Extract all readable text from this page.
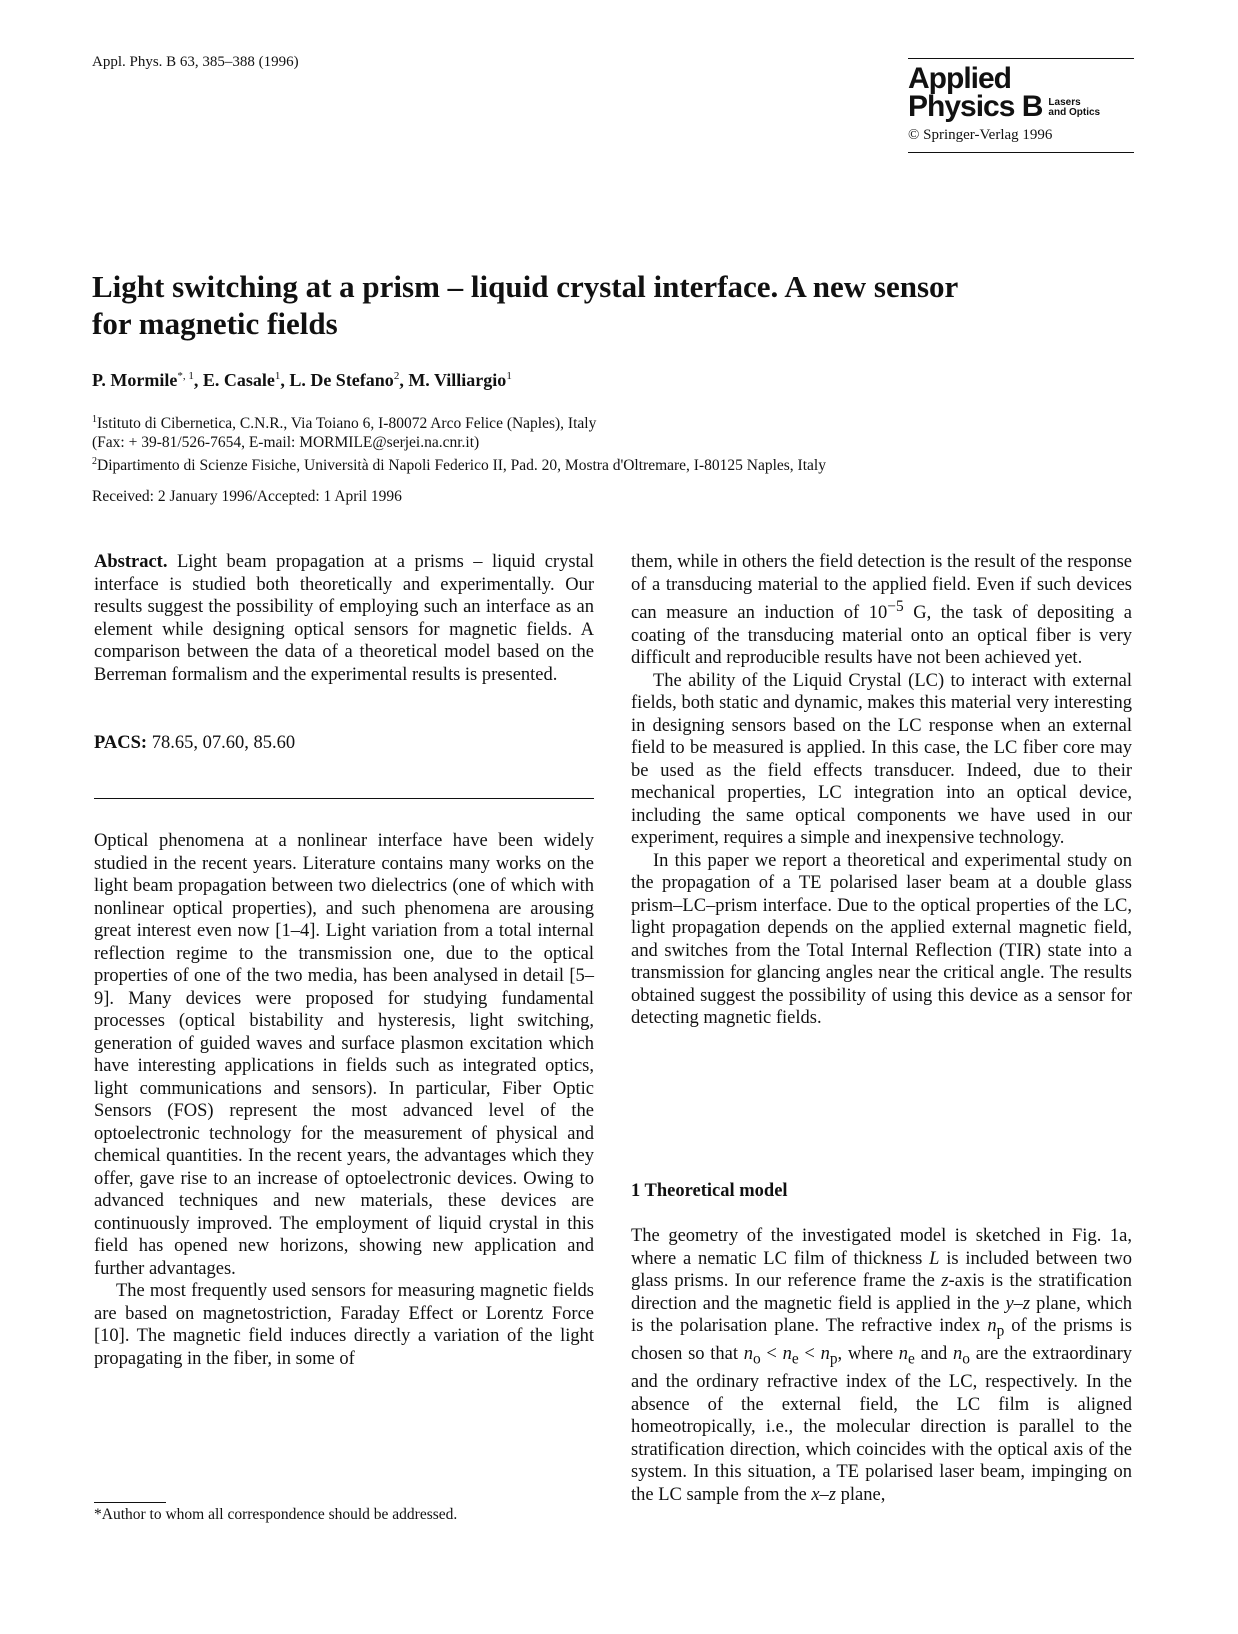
Appl. Phys. B 63, 385–388 (1996)	Applied
Physics B Lasers
and Optics
© Springer-Verlag 1996
Light switching at a prism – liquid crystal interface. A new sensor
for magnetic fields
P. Mormile$^{*, 1}$, E. Casale$^1$, L. De Stefano$^2$, M. Villiargio$^1$
$^1$Istituto di Cibernetica, C.N.R., Via Toiano 6, I-80072 Arco Felice (Naples), Italy
(Fax: + 39-81/526-7654, E-mail: MORMILE@serjei.na.cnr.it)
$^2$Dipartimento di Scienze Fisiche, Università di Napoli Federico II, Pad. 20, Mostra d'Oltremare, I-80125 Naples, Italy
Received: 2 January 1996/Accepted: 1 April 1996

Abstract. Light beam propagation at a prisms – liquid crystal interface is studied both theoretically and experimentally. Our results suggest the possibility of employing such an interface as an element while designing optical sensors for magnetic fields. A comparison between the data of a theoretical model based on the Berreman formalism and the experimental results is presented.

PACS: 78.65, 07.60, 85.60

Optical phenomena at a nonlinear interface have been widely studied in the recent years. Literature contains many works on the light beam propagation between two dielectrics (one of which with nonlinear optical properties), and such phenomena are arousing great interest even now [1–4]. Light variation from a total internal reflection regime to the transmission one, due to the optical properties of one of the two media, has been analysed in detail [5–9]. Many devices were proposed for studying fundamental processes (optical bistability and hysteresis, light switching, generation of guided waves and surface plasmon excitation which have interesting applications in fields such as integrated optics, light communications and sensors). In particular, Fiber Optic Sensors (FOS) represent the most advanced level of the optoelectronic technology for the measurement of physical and chemical quantities. In the recent years, the advantages which they offer, gave rise to an increase of optoelectronic devices. Owing to advanced techniques and new materials, these devices are continuously improved. The employment of liquid crystal in this field has opened new horizons, showing new application and further advantages.

The most frequently used sensors for measuring magnetic fields are based on magnetostriction, Faraday Effect or Lorentz Force [10]. The magnetic field induces directly a variation of the light propagating in the fiber, in some of

*Author to whom all correspondence should be addressed.

them, while in others the field detection is the result of the response of a transducing material to the applied field. Even if such devices can measure an induction of $10^{-5}$ G, the task of depositing a coating of the transducing material onto an optical fiber is very difficult and reproducible results have not been achieved yet.

The ability of the Liquid Crystal (LC) to interact with external fields, both static and dynamic, makes this material very interesting in designing sensors based on the LC response when an external field to be measured is applied. In this case, the LC fiber core may be used as the field effects transducer. Indeed, due to their mechanical properties, LC integration into an optical device, including the same optical components we have used in our experiment, requires a simple and inexpensive technology.

In this paper we report a theoretical and experimental study on the propagation of a TE polarised laser beam at a double glass prism–LC–prism interface. Due to the optical properties of the LC, light propagation depends on the applied external magnetic field, and switches from the Total Internal Reflection (TIR) state into a transmission for glancing angles near the critical angle. The results obtained suggest the possibility of using this device as a sensor for detecting magnetic fields.

1 Theoretical model

The geometry of the investigated model is sketched in Fig. 1a, where a nematic LC film of thickness L is included between two glass prisms. In our reference frame the z-axis is the stratification direction and the magnetic field is applied in the y–z plane, which is the polarisation plane. The refractive index $n_p$ of the prisms is chosen so that $n_o < n_e < n_p$, where $n_e$ and $n_o$ are the extraordinary and the ordinary refractive index of the LC, respectively. In the absence of the external field, the LC film is aligned homeotropically, i.e., the molecular direction is parallel to the stratification direction, which coincides with the optical axis of the system. In this situation, a TE polarised laser beam, impinging on the LC sample from the x–z plane,
